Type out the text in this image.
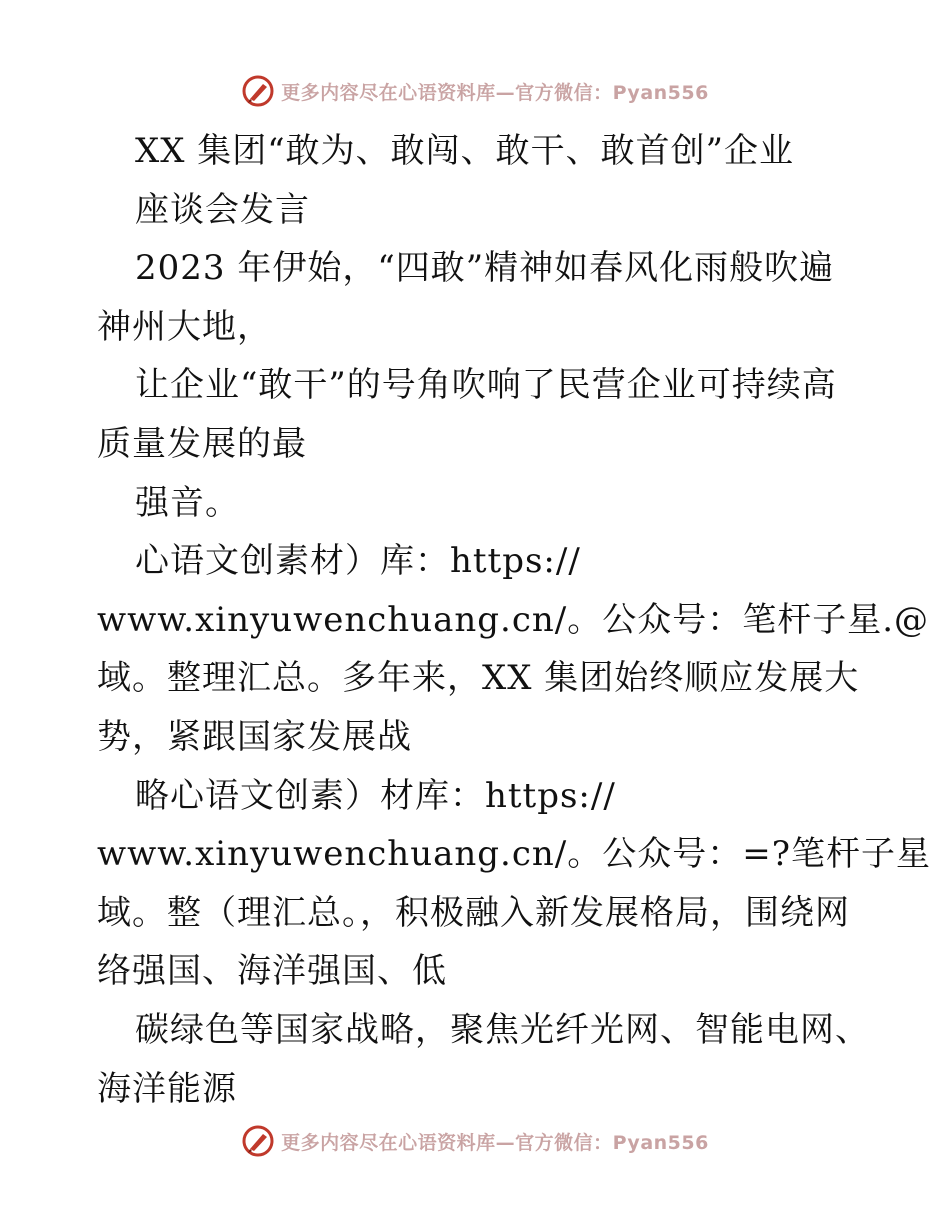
更多内容尽在心语资料库—官方微信：Pyan556
XX 集团“敢为、敢闯、敢干、敢首创”企业
座谈会发言
2023 年伊始，“四敢”精神如春风化雨般吹遍
神州大地，
让企业“敢干”的号角吹响了民营企业可持续高
质量发展的最
强音。
心语文创素材）库：https://
www.xinyuwenchuang.cn/。公众号：笔杆子星.@
域。整理汇总。多年来，XX 集团始终顺应发展大
势，紧跟国家发展战
略心语文创素）材库：https://
www.xinyuwenchuang.cn/。公众号：=?笔杆子星
域。整（理汇总。，积极融入新发展格局，围绕网
络强国、海洋强国、低
碳绿色等国家战略，聚焦光纤光网、智能电网、
海洋能源
更多内容尽在心语资料库—官方微信：Pyan556
